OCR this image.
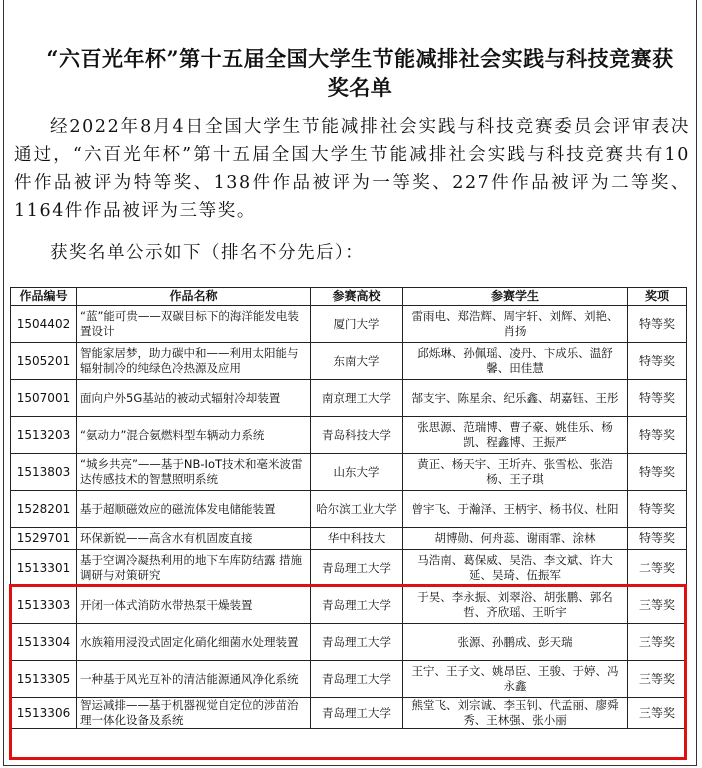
“六百光年杯”第十五届全国大学生节能减排社会实践与科技竞赛获奖名单
经2022年8月4日全国大学生节能减排社会实践与科技竞赛委员会评审表决通过，“六百光年杯”第十五届全国大学生节能减排社会实践与科技竞赛共有10件作品被评为特等奖、138件作品被评为一等奖、227件作品被评为二等奖、1164件作品被评为三等奖。
获奖名单公示如下（排名不分先后）：
作品编号	作品名称	参赛高校	参赛学生	奖项
1504402	“蓝”能可贵——双碳目标下的海洋能发电装置设计	厦门大学	雷雨电、郑浩辉、周宇轩、刘辉、刘艳、肖扬	特等奖
1505201	智能家居梦，助力碳中和——利用太阳能与辐射制冷的纯绿色冷热源及应用	东南大学	邱烁琳、孙佩瑶、凌丹、卞成乐、温舒馨、田佳慧	特等奖
1507001	面向户外5G基站的被动式辐射冷却装置	南京理工大学	郜支宇、陈星余、纪乐鑫、胡嘉钰、王彤	特等奖
1513203	“氨动力”混合氨燃料型车辆动力系统	青岛科技大学	张思源、范瑞博、曹子豪、姚佳乐、杨凯、程鑫博、王振严	特等奖
1513803	“城乡共亮”——基于NB-IoT技术和毫米波雷达传感技术的智慧照明系统	山东大学	黄正、杨天宇、王圻卉、张雪松、张浩杨、王子琪	特等奖
1528201	基于超顺磁效应的磁流体发电储能装置	哈尔滨工业大学	曾宇飞、于瀚泽、王柄宇、杨书仪、杜阳	特等奖
1529701	环保新锐——高含水有机固废直接	华中科技大	胡博勋、何舟蕊、谢雨霏、涂林	特等奖
1513301	基于空调冷凝热利用的地下车库防结露 措施调研与对策研究	青岛理工大学	马浩南、葛保威、吴浩、李文斌、许大延、吴琦、伍振军	二等奖
1513303	开闭一体式消防水带热泵干燥装置	青岛理工大学	于昊、李永振、刘翠浴、胡张鹏、郭名哲、齐欣瑶、王昕宇	三等奖
1513304	水族箱用浸没式固定化硝化细菌水处理装置	青岛理工大学	张源、孙鹏成、彭天瑞	三等奖
1513305	一种基于风光互补的清洁能源通风净化系统	青岛理工大学	王宁、王子文、姚昂臣、王骏、于婷、冯永鑫	三等奖
1513306	智运减排——基于机器视觉自定位的涉苗治理一体化设备及系统	青岛理工大学	熊堂飞、刘宗诚、李玉钊、代孟丽、廖舜秀、王林强、张小丽	三等奖
